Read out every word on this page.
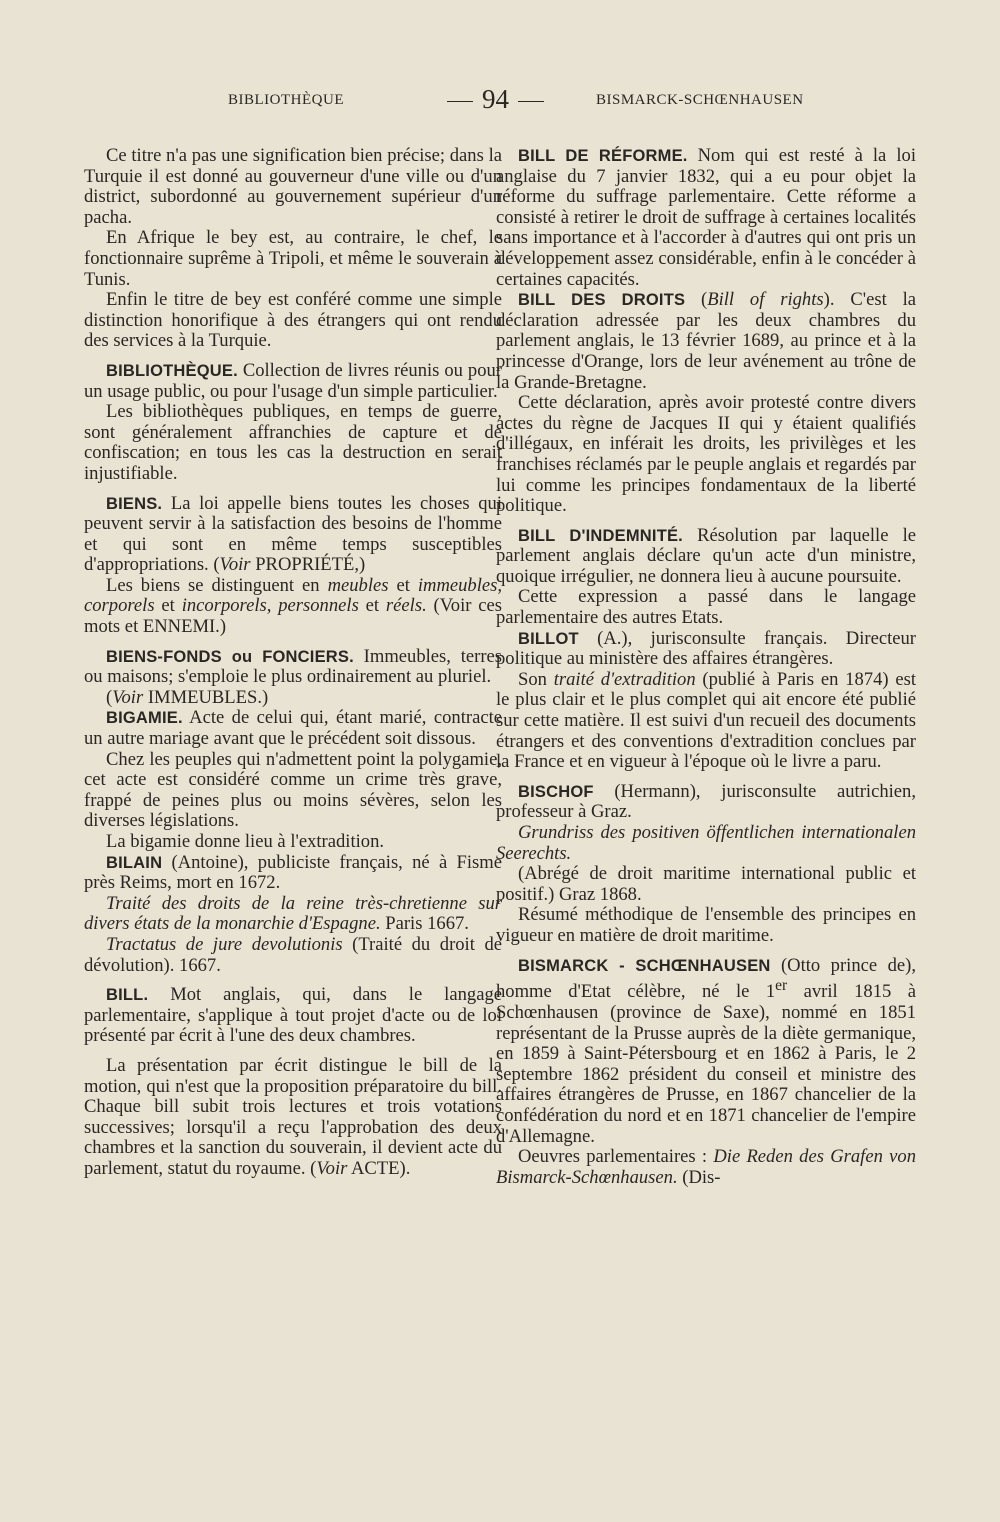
BIBLIOTHÈQUE	94	BISMARCK-SCHŒNHAUSEN

Ce titre n'a pas une signification bien précise; dans la Turquie il est donné au gouverneur d'une ville ou d'un district, subordonné au gouvernement supérieur d'un pacha.

En Afrique le bey est, au contraire, le chef, le fonctionnaire suprême à Tripoli, et même le souverain à Tunis.

Enfin le titre de bey est conféré comme une simple distinction honorifique à des étrangers qui ont rendu des services à la Turquie.

BIBLIOTHÈQUE. Collection de livres réunis ou pour un usage public, ou pour l'usage d'un simple particulier.

Les bibliothèques publiques, en temps de guerre, sont généralement affranchies de capture et de confiscation; en tous les cas la destruction en serait injustifiable.

BIENS. La loi appelle biens toutes les choses qui peuvent servir à la satisfaction des besoins de l'homme et qui sont en même temps susceptibles d'appropriations. (Voir PROPRIÉTÉ,)

Les biens se distinguent en meubles et immeubles, corporels et incorporels, personnels et réels. (Voir ces mots et ENNEMI.)

BIENS-FONDS ou FONCIERS. Immeubles, terres ou maisons; s'emploie le plus ordinairement au pluriel.

(Voir IMMEUBLES.)

BIGAMIE. Acte de celui qui, étant marié, contracte un autre mariage avant que le précédent soit dissous.

Chez les peuples qui n'admettent point la polygamie, cet acte est considéré comme un crime très grave, frappé de peines plus ou moins sévères, selon les diverses législations.

La bigamie donne lieu à l'extradition.

BILAIN (Antoine), publiciste français, né à Fisme près Reims, mort en 1672.

Traité des droits de la reine très-chretienne sur divers états de la monarchie d'Espagne. Paris 1667.

Tractatus de jure devolutionis (Traité du droit de dévolution). 1667.

BILL. Mot anglais, qui, dans le langage parlementaire, s'applique à tout projet d'acte ou de loi présenté par écrit à l'une des deux chambres.

La présentation par écrit distingue le bill de la motion, qui n'est que la proposition préparatoire du bill. Chaque bill subit trois lectures et trois votations successives; lorsqu'il a reçu l'approbation des deux chambres et la sanction du souverain, il devient acte du parlement, statut du royaume. (Voir ACTE).

BILL DE RÉFORME. Nom qui est resté à la loi anglaise du 7 janvier 1832, qui a eu pour objet la réforme du suffrage parlementaire. Cette réforme a consisté à retirer le droit de suffrage à certaines localités sans importance et à l'accorder à d'autres qui ont pris un développement assez considérable, enfin à le concéder à certaines capacités.

BILL DES DROITS (Bill of rights). C'est la déclaration adressée par les deux chambres du parlement anglais, le 13 février 1689, au prince et à la princesse d'Orange, lors de leur avénement au trône de la Grande-Bretagne.

Cette déclaration, après avoir protesté contre divers actes du règne de Jacques II qui y étaient qualifiés d'illégaux, en inférait les droits, les privilèges et les franchises réclamés par le peuple anglais et regardés par lui comme les principes fondamentaux de la liberté politique.

BILL D'INDEMNITÉ. Résolution par laquelle le parlement anglais déclare qu'un acte d'un ministre, quoique irrégulier, ne donnera lieu à aucune poursuite.

Cette expression a passé dans le langage parlementaire des autres Etats.

BILLOT (A.), jurisconsulte français. Directeur politique au ministère des affaires étrangères.

Son traité d'extradition (publié à Paris en 1874) est le plus clair et le plus complet qui ait encore été publié sur cette matière. Il est suivi d'un recueil des documents étrangers et des conventions d'extradition conclues par la France et en vigueur à l'époque où le livre a paru.

BISCHOF (Hermann), jurisconsulte autrichien, professeur à Graz.

Grundriss des positiven öffentlichen internationalen Seerechts.

(Abrégé de droit maritime international public et positif.) Graz 1868.

Résumé méthodique de l'ensemble des principes en vigueur en matière de droit maritime.

BISMARCK - SCHŒNHAUSEN (Otto prince de), homme d'Etat célèbre, né le 1er avril 1815 à Schœnhausen (province de Saxe), nommé en 1851 représentant de la Prusse auprès de la diète germanique, en 1859 à Saint-Pétersbourg et en 1862 à Paris, le 2 septembre 1862 président du conseil et ministre des affaires étrangères de Prusse, en 1867 chancelier de la confédération du nord et en 1871 chancelier de l'empire d'Allemagne.

Oeuvres parlementaires : Die Reden des Grafen von Bismarck-Schœnhausen. (Dis-
